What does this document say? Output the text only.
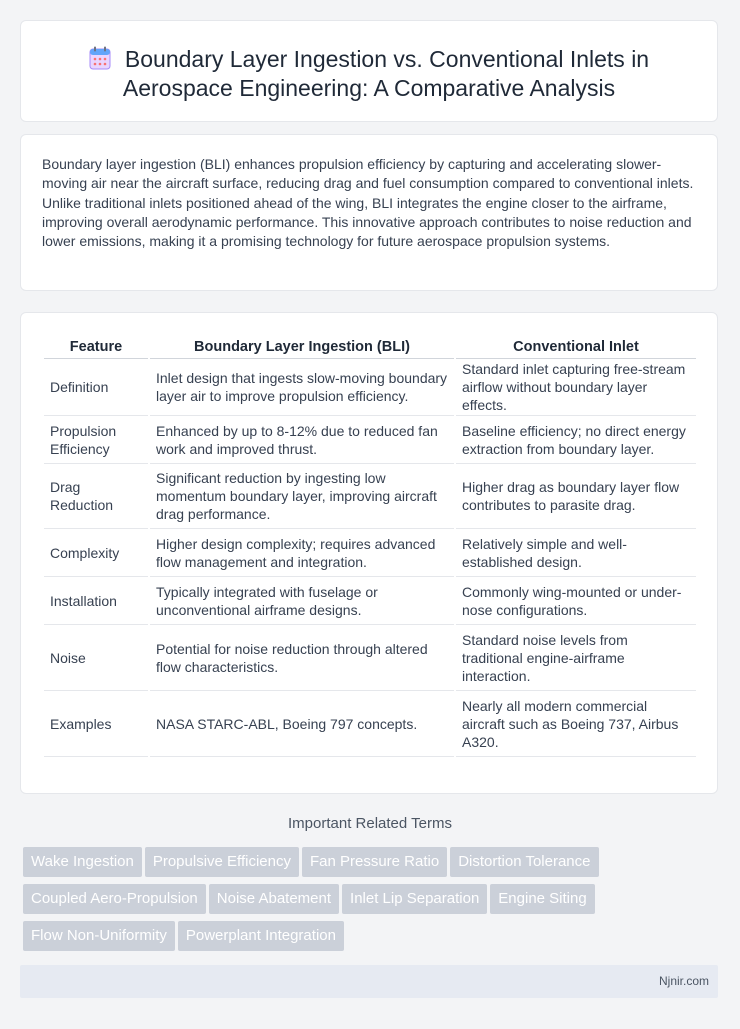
Boundary Layer Ingestion vs. Conventional Inlets in
Aerospace Engineering: A Comparative Analysis

Boundary layer ingestion (BLI) enhances propulsion efficiency by capturing and accelerating slower-moving air near the aircraft surface, reducing drag and fuel consumption compared to conventional inlets. Unlike traditional inlets positioned ahead of the wing, BLI integrates the engine closer to the airframe, improving overall aerodynamic performance. This innovative approach contributes to noise reduction and lower emissions, making it a promising technology for future aerospace propulsion systems.

Feature	Boundary Layer Ingestion (BLI)	Conventional Inlet
Definition	Inlet design that ingests slow-moving boundary layer air to improve propulsion efficiency.	Standard inlet capturing free-stream airflow without boundary layer effects.
Propulsion Efficiency	Enhanced by up to 8-12% due to reduced fan work and improved thrust.	Baseline efficiency; no direct energy extraction from boundary layer.
Drag Reduction	Significant reduction by ingesting low momentum boundary layer, improving aircraft drag performance.	Higher drag as boundary layer flow contributes to parasite drag.
Complexity	Higher design complexity; requires advanced flow management and integration.	Relatively simple and well-established design.
Installation	Typically integrated with fuselage or unconventional airframe designs.	Commonly wing-mounted or under-nose configurations.
Noise	Potential for noise reduction through altered flow characteristics.	Standard noise levels from traditional engine-airframe interaction.
Examples	NASA STARC-ABL, Boeing 797 concepts.	Nearly all modern commercial aircraft such as Boeing 737, Airbus A320.
Important Related Terms
Wake Ingestion Propulsive Efficiency Fan Pressure Ratio Distortion ToleranceCoupled Aero-Propulsion Noise Abatement Inlet Lip Separation Engine SitingFlow Non-Uniformity Powerplant Integration
Njnir.com
